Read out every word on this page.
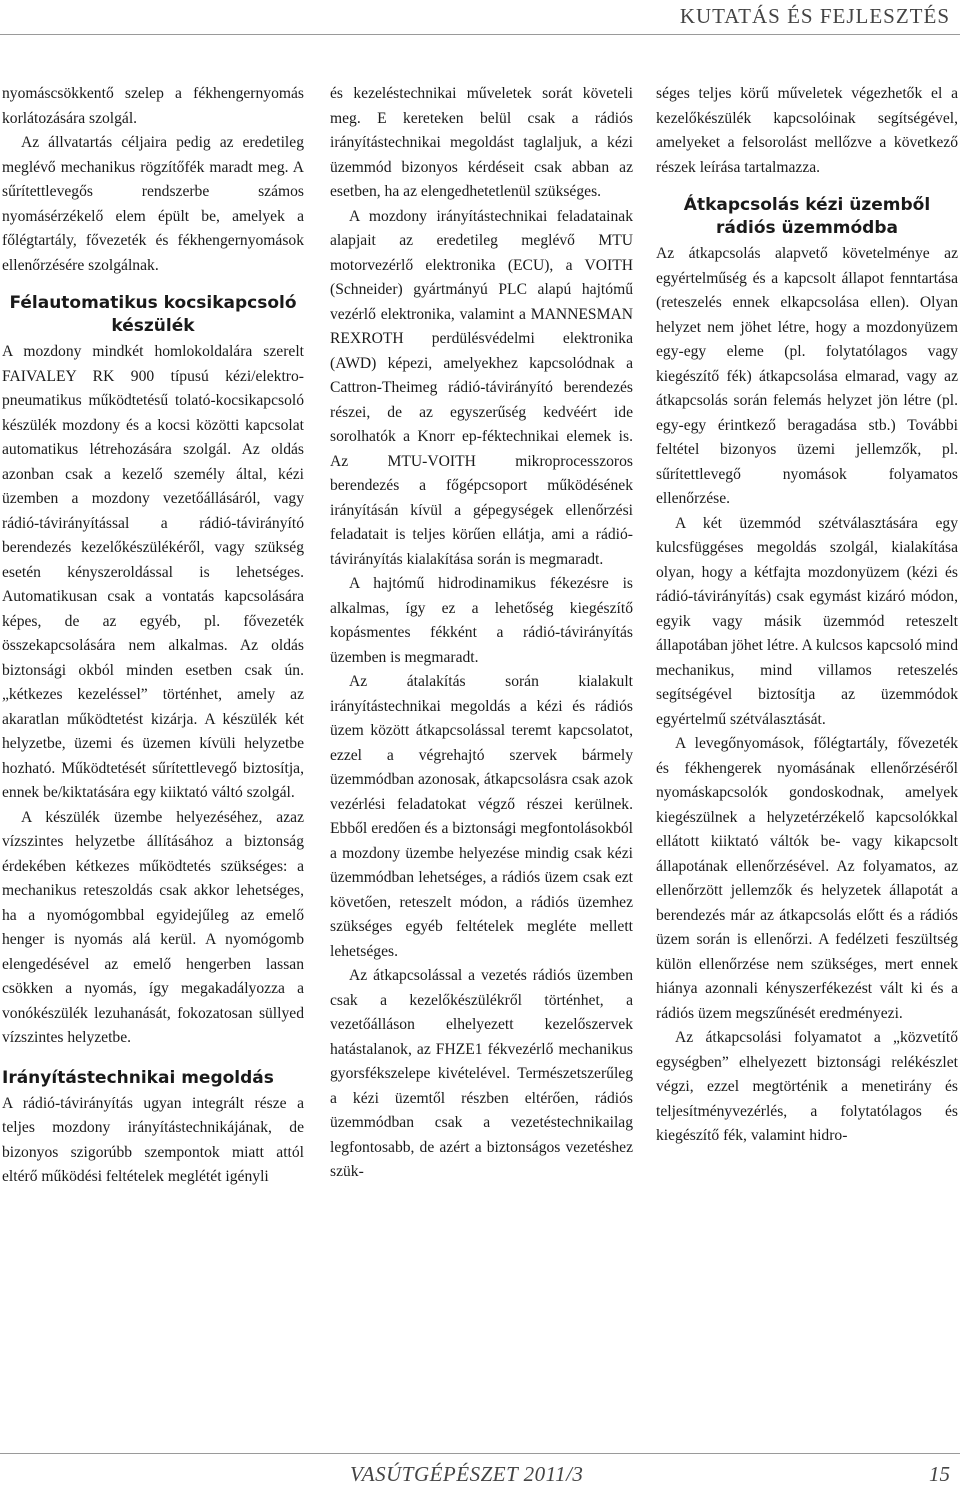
KUTATÁS ÉS FEJLESZTÉS

nyomáscsökkentő szelep a fékhengernyomás korlátozására szolgál.

Az állvatartás céljaira pedig az eredetileg meglévő mechanikus rögzítőfék maradt meg. A sűrítettlevegős rendszerbe számos nyomásérzékelő elem épült be, amelyek a főlégtartály, fővezeték és fékhengernyomások ellenőrzésére szolgálnak.

Félautomatikus kocsikapcsoló készülék

A mozdony mindkét homlokoldalára szerelt FAIVALEY RK 900 típusú kézi/elektro-pneumatikus működtetésű tolató-kocsikapcsoló készülék mozdony és a kocsi közötti kapcsolat automatikus létrehozására szolgál. Az oldás azonban csak a kezelő személy által, kézi üzemben a mozdony vezetőállásáról, vagy rádió-távirányítással a rádió-távirányító berendezés kezelőkészülékéről, vagy szükség esetén kényszeroldással is lehetséges. Automatikusan csak a vontatás kapcsolására képes, de az egyéb, pl. fővezeték összekapcsolására nem alkalmas. Az oldás biztonsági okból minden esetben csak ún. „kétkezes kezeléssel” történhet, amely az akaratlan működtetést kizárja. A készülék két helyzetbe, üzemi és üzemen kívüli helyzetbe hozható. Működtetését sűrítettlevegő biztosítja, ennek be/kiktatására egy kiiktató váltó szolgál.

A készülék üzembe helyezéséhez, azaz vízszintes helyzetbe állításához a biztonság érdekében kétkezes működtetés szükséges: a mechanikus reteszoldás csak akkor lehetséges, ha a nyomógombbal egyidejűleg az emelő henger is nyomás alá kerül. A nyomógomb elengedésével az emelő hengerben lassan csökken a nyomás, így megakadályozza a vonókészülék lezuhanását, fokozatosan süllyed vízszintes helyzetbe.

Irányítástechnikai megoldás

A rádió-távirányítás ugyan integrált része a teljes mozdony irányítástechnikájának, de bizonyos szigorúbb szempontok miatt attól eltérő működési feltételek meglétét igényli

és kezeléstechnikai műveletek sorát követeli meg. E kereteken belül csak a rádiós irányítástechnikai megoldást taglaljuk, a kézi üzemmód bizonyos kérdéseit csak abban az esetben, ha az elengedhetetlenül szükséges.

A mozdony irányítástechnikai feladatainak alapjait az eredetileg meglévő MTU motorvezérlő elektronika (ECU), a VOITH (Schneider) gyártmányú PLC alapú hajtómű vezérlő elektronika, valamint a MANNESMAN REXROTH perdülésvédelmi elektronika (AWD) képezi, amelyekhez kapcsolódnak a Cattron-Theimeg rádió-távirányító berendezés részei, de az egyszerűség kedvéért ide sorolhatók a Knorr ep-féktechnikai elemek is. Az MTU-VOITH mikroprocesszoros berendezés a főgépcsoport működésének irányításán kívül a gépegységek ellenőrzési feladatait is teljes körűen ellátja, ami a rádió-távirányítás kialakítása során is megmaradt.

A hajtómű hidrodinamikus fékezésre is alkalmas, így ez a lehetőség kiegészítő kopásmentes fékként a rádió-távirányítás üzemben is megmaradt.

Az átalakítás során kialakult irányítástechnikai megoldás a kézi és rádiós üzem között átkapcsolással teremt kapcsolatot, ezzel a végrehajtó szervek bármely üzemmódban azonosak, átkapcsolásra csak azok vezérlési feladatokat végző részei kerülnek. Ebből eredően és a biztonsági megfontolásokból a mozdony üzembe helyezése mindig csak kézi üzemmódban lehetséges, a rádiós üzem csak ezt követően, reteszelt módon, a rádiós üzemhez szükséges egyéb feltételek megléte mellett lehetséges.

Az átkapcsolással a vezetés rádiós üzemben csak a kezelőkészülékről történhet, a vezetőálláson elhelyezett kezelőszervek hatástalanok, az FHZE1 fékvezérlő mechanikus gyorsfékszelepe kivételével. Természetszerűleg a kézi üzemtől részben eltérően, rádiós üzemmódban csak a vezetéstechnikailag legfontosabb, de azért a biztonságos vezetéshez szük-

séges teljes körű műveletek végezhetők el a kezelőkészülék kapcsolóinak segítségével, amelyeket a felsorolást mellőzve a következő részek leírása tartalmazza.

Átkapcsolás kézi üzemből rádiós üzemmódba

Az átkapcsolás alapvető követelménye az egyértelműség és a kapcsolt állapot fenntartása (reteszelés ennek elkapcsolása ellen). Olyan helyzet nem jöhet létre, hogy a mozdonyüzem egy-egy eleme (pl. folytatólagos vagy kiegészítő fék) átkapcsolása elmarad, vagy az átkapcsolás során felemás helyzet jön létre (pl. egy-egy érintkező beragadása stb.) További feltétel bizonyos üzemi jellemzők, pl. sűrítettlevegő nyomások folyamatos ellenőrzése.

A két üzemmód szétválasztására egy kulcsfüggéses megoldás szolgál, kialakítása olyan, hogy a kétfajta mozdonyüzem (kézi és rádió-távirányítás) csak egymást kizáró módon, egyik vagy másik üzemmód reteszelt állapotában jöhet létre. A kulcsos kapcsoló mind mechanikus, mind villamos reteszelés segítségével biztosítja az üzemmódok egyértelmű szétválasztását.

A levegőnyomások, főlégtartály, fővezeték és fékhengerek nyomásának ellenőrzéséről nyomáskapcsolók gondoskodnak, amelyek kiegészülnek a helyzetérzékelő kapcsolókkal ellátott kiiktató váltók be- vagy kikapcsolt állapotának ellenőrzésével. Az folyamatos, az ellenőrzött jellemzők és helyzetek állapotát a berendezés már az átkapcsolás előtt és a rádiós üzem során is ellenőrzi. A fedélzeti feszültség külön ellenőrzése nem szükséges, mert ennek hiánya azonnali kényszerfékezést vált ki és a rádiós üzem megszűnését eredményezi.

Az átkapcsolási folyamatot a „közvetítő egységben” elhelyezett biztonsági relékészlet végzi, ezzel megtörténik a menetirány és teljesítményvezérlés, a folytatólagos és kiegészítő fék, valamint hidro-

VASÚTGÉPÉSZET 2011/3	15
